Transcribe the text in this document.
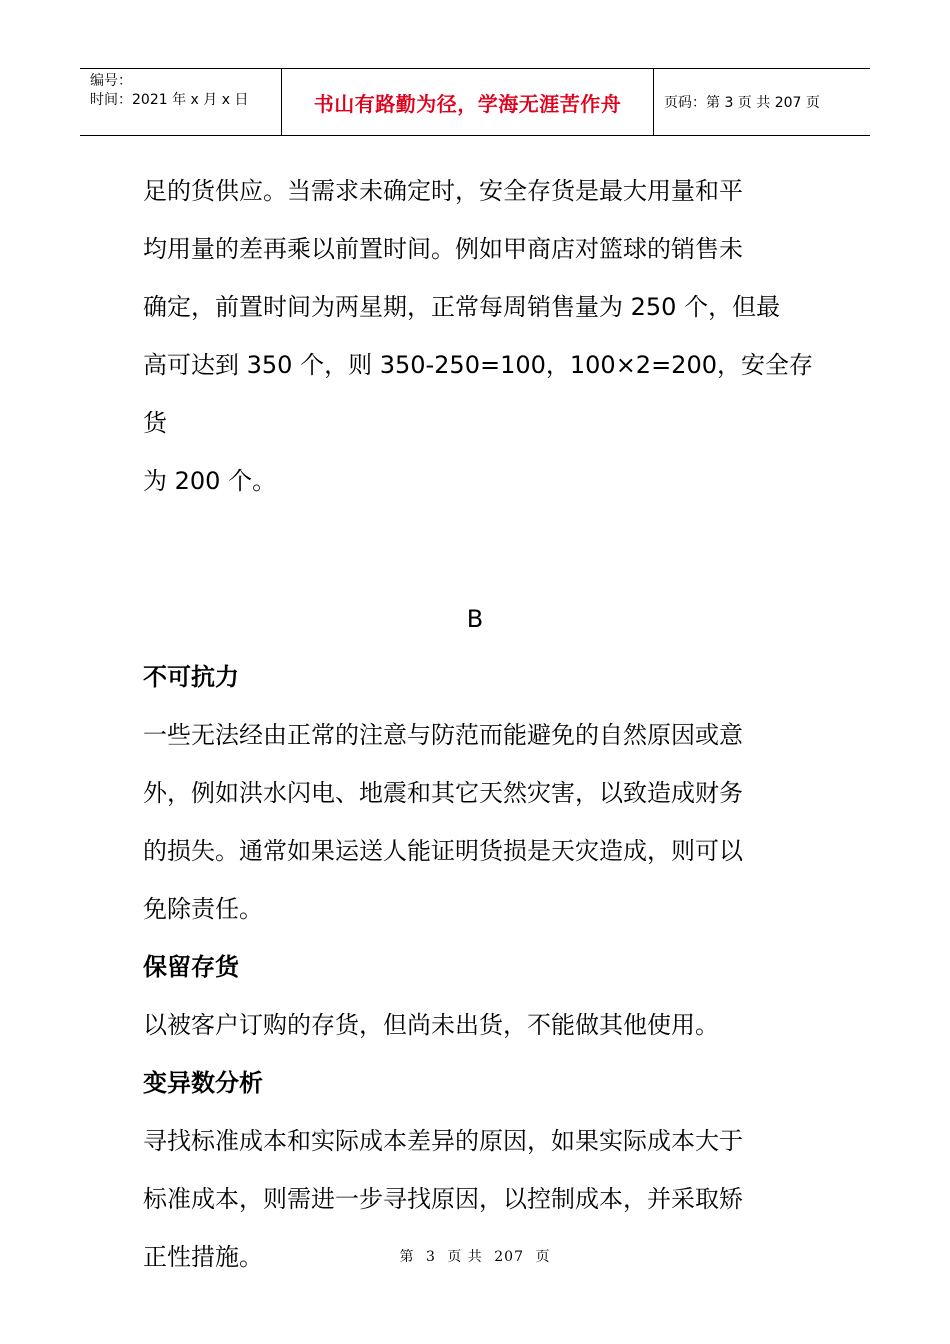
编号：
时间：2021 年 x 月 x 日	书山有路勤为径，学海无涯苦作舟	页码：第 3 页 共 207 页

足的货供应。当需求未确定时，安全存货是最大用量和平

均用量的差再乘以前置时间。例如甲商店对篮球的销售未

确定，前置时间为两星期，正常每周销售量为 250 个，但最

高可达到 350 个，则 350-250=100，100×2=200，安全存货

为 200 个。

B

不可抗力

一些无法经由正常的注意与防范而能避免的自然原因或意

外，例如洪水闪电、地震和其它天然灾害，以致造成财务

的损失。通常如果运送人能证明货损是天灾造成，则可以

免除责任。

保留存货

以被客户订购的存货，但尚未出货，不能做其他使用。

变异数分析

寻找标准成本和实际成本差异的原因，如果实际成本大于

标准成本，则需进一步寻找原因，以控制成本，并采取矫

正性措施。	第 3 页 共 207 页
